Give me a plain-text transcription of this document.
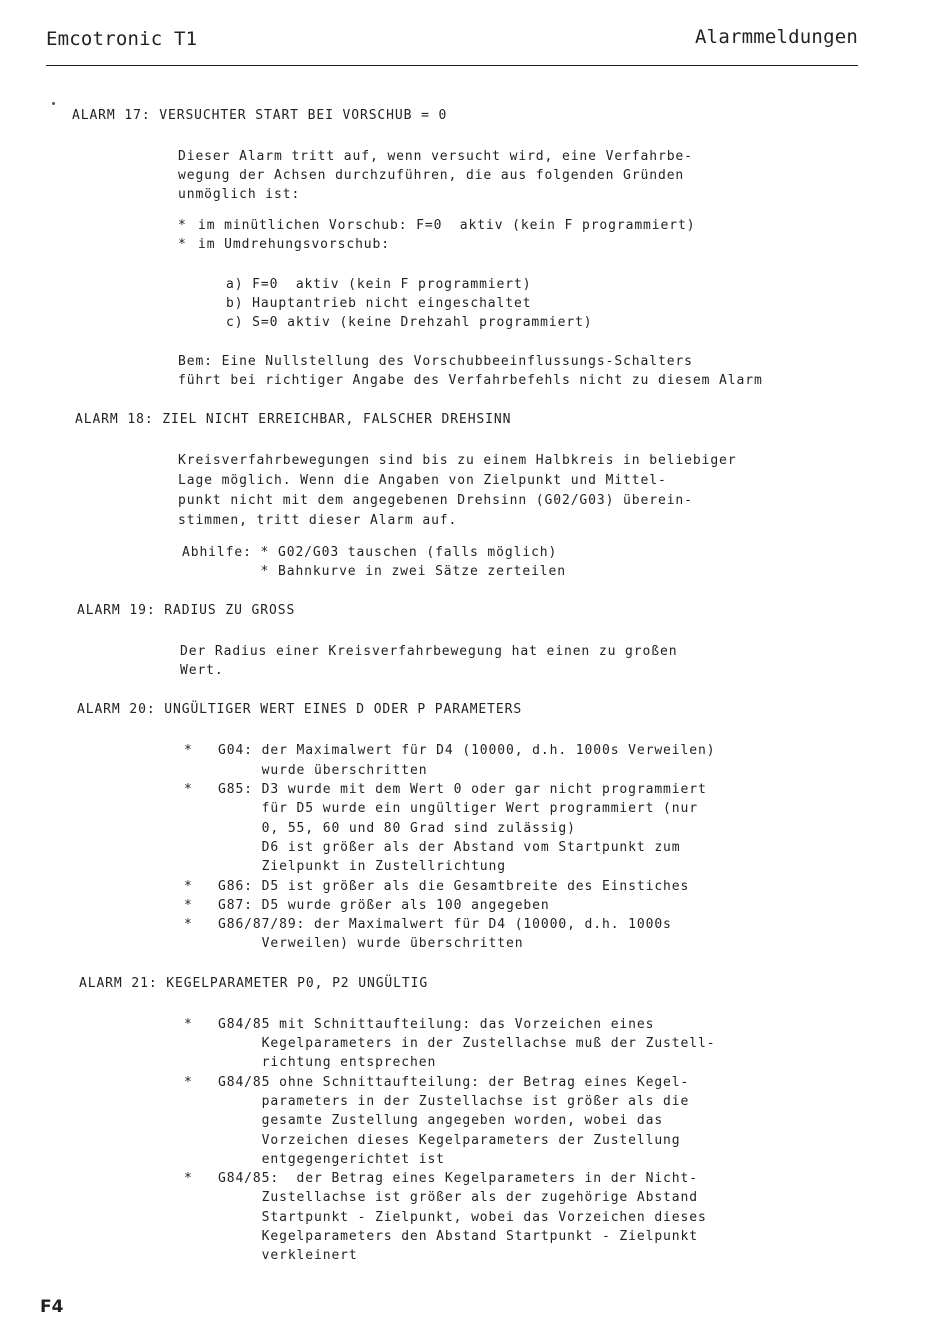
Emcotronic T1	Alarmmeldungen
ALARM 17: VERSUCHTER START BEI VORSCHUB = 0
Dieser Alarm tritt auf, wenn versucht wird, eine Verfahrbe-
wegung der Achsen durchzuführen, die aus folgenden Gründen
unmöglich ist:
* im minütlichen Vorschub: F=0  aktiv (kein F programmiert)
* im Umdrehungsvorschub:
a) F=0  aktiv (kein F programmiert)
b) Hauptantrieb nicht eingeschaltet
c) S=0 aktiv (keine Drehzahl programmiert)
Bem: Eine Nullstellung des Vorschubbeeinflussungs-Schalters
führt bei richtiger Angabe des Verfahrbefehls nicht zu diesem Alarm
ALARM 18: ZIEL NICHT ERREICHBAR, FALSCHER DREHSINN
Kreisverfahrbewegungen sind bis zu einem Halbkreis in beliebiger
Lage möglich. Wenn die Angaben von Zielpunkt und Mittel-
punkt nicht mit dem angegebenen Drehsinn (G02/G03) überein-
stimmen, tritt dieser Alarm auf.
Abhilfe: * G02/G03 tauschen (falls möglich)
* Bahnkurve in zwei Sätze zerteilen
ALARM 19: RADIUS ZU GROSS
Der Radius einer Kreisverfahrbewegung hat einen zu großen
Wert.
ALARM 20: UNGÜLTIGER WERT EINES D ODER P PARAMETERS
* G04: der Maximalwert für D4 (10000, d.h. 1000s Verweilen)
wurde überschritten
* G85: D3 wurde mit dem Wert 0 oder gar nicht programmiert
für D5 wurde ein ungültiger Wert programmiert (nur
0, 55, 60 und 80 Grad sind zulässig)
D6 ist größer als der Abstand vom Startpunkt zum
Zielpunkt in Zustellrichtung
* G86: D5 ist größer als die Gesamtbreite des Einstiches
* G87: D5 wurde größer als 100 angegeben
* G86/87/89: der Maximalwert für D4 (10000, d.h. 1000s
Verweilen) wurde überschritten
ALARM 21: KEGELPARAMETER P0, P2 UNGÜLTIG
* G84/85 mit Schnittaufteilung: das Vorzeichen eines
Kegelparameters in der Zustellachse muß der Zustell-
richtung entsprechen
* G84/85 ohne Schnittaufteilung: der Betrag eines Kegel-
parameters in der Zustellachse ist größer als die
gesamte Zustellung angegeben worden, wobei das
Vorzeichen dieses Kegelparameters der Zustellung
entgegengerichtet ist
* G84/85:  der Betrag eines Kegelparameters in der Nicht-
Zustellachse ist größer als der zugehörige Abstand
Startpunkt - Zielpunkt, wobei das Vorzeichen dieses
Kegelparameters den Abstand Startpunkt - Zielpunkt
verkleinert
F4
